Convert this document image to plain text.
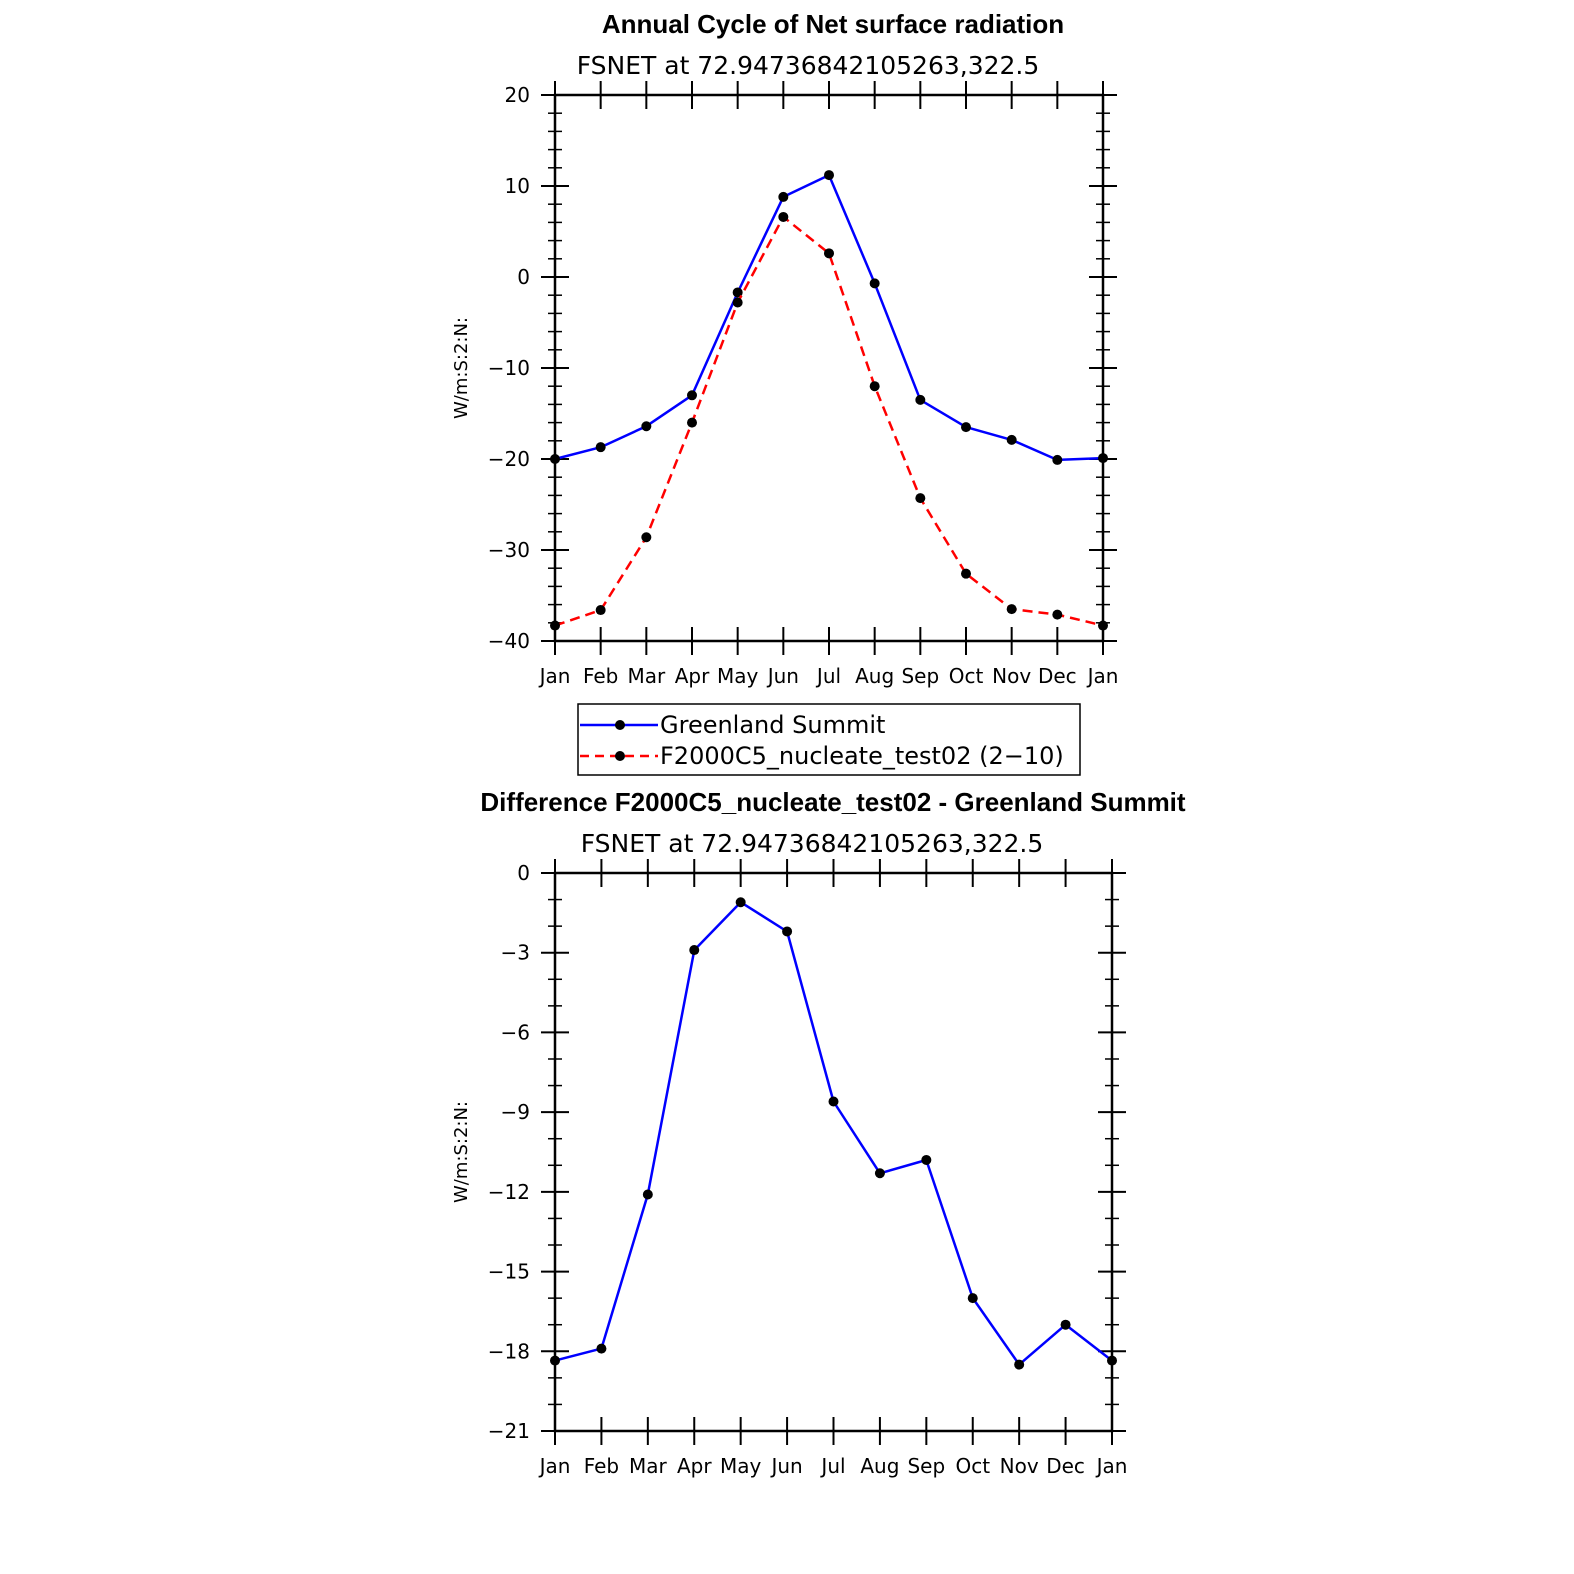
Annual Cycle of Net surface radiation
FSNET at 72.94736842105263,322.5
W/m:S:2:N:
20
10
0
−10
−20
−30
−40
Jan Feb Mar Apr May Jun Jul Aug Sep Oct Nov Dec Jan
Greenland Summit
F2000C5_nucleate_test02 (2−10)
Difference F2000C5_nucleate_test02 - Greenland Summit
FSNET at 72.94736842105263,322.5
W/m:S:2:N:
0
−3
−6
−9
−12
−15
−18
−21
Jan Feb Mar Apr May Jun Jul Aug Sep Oct Nov Dec Jan
